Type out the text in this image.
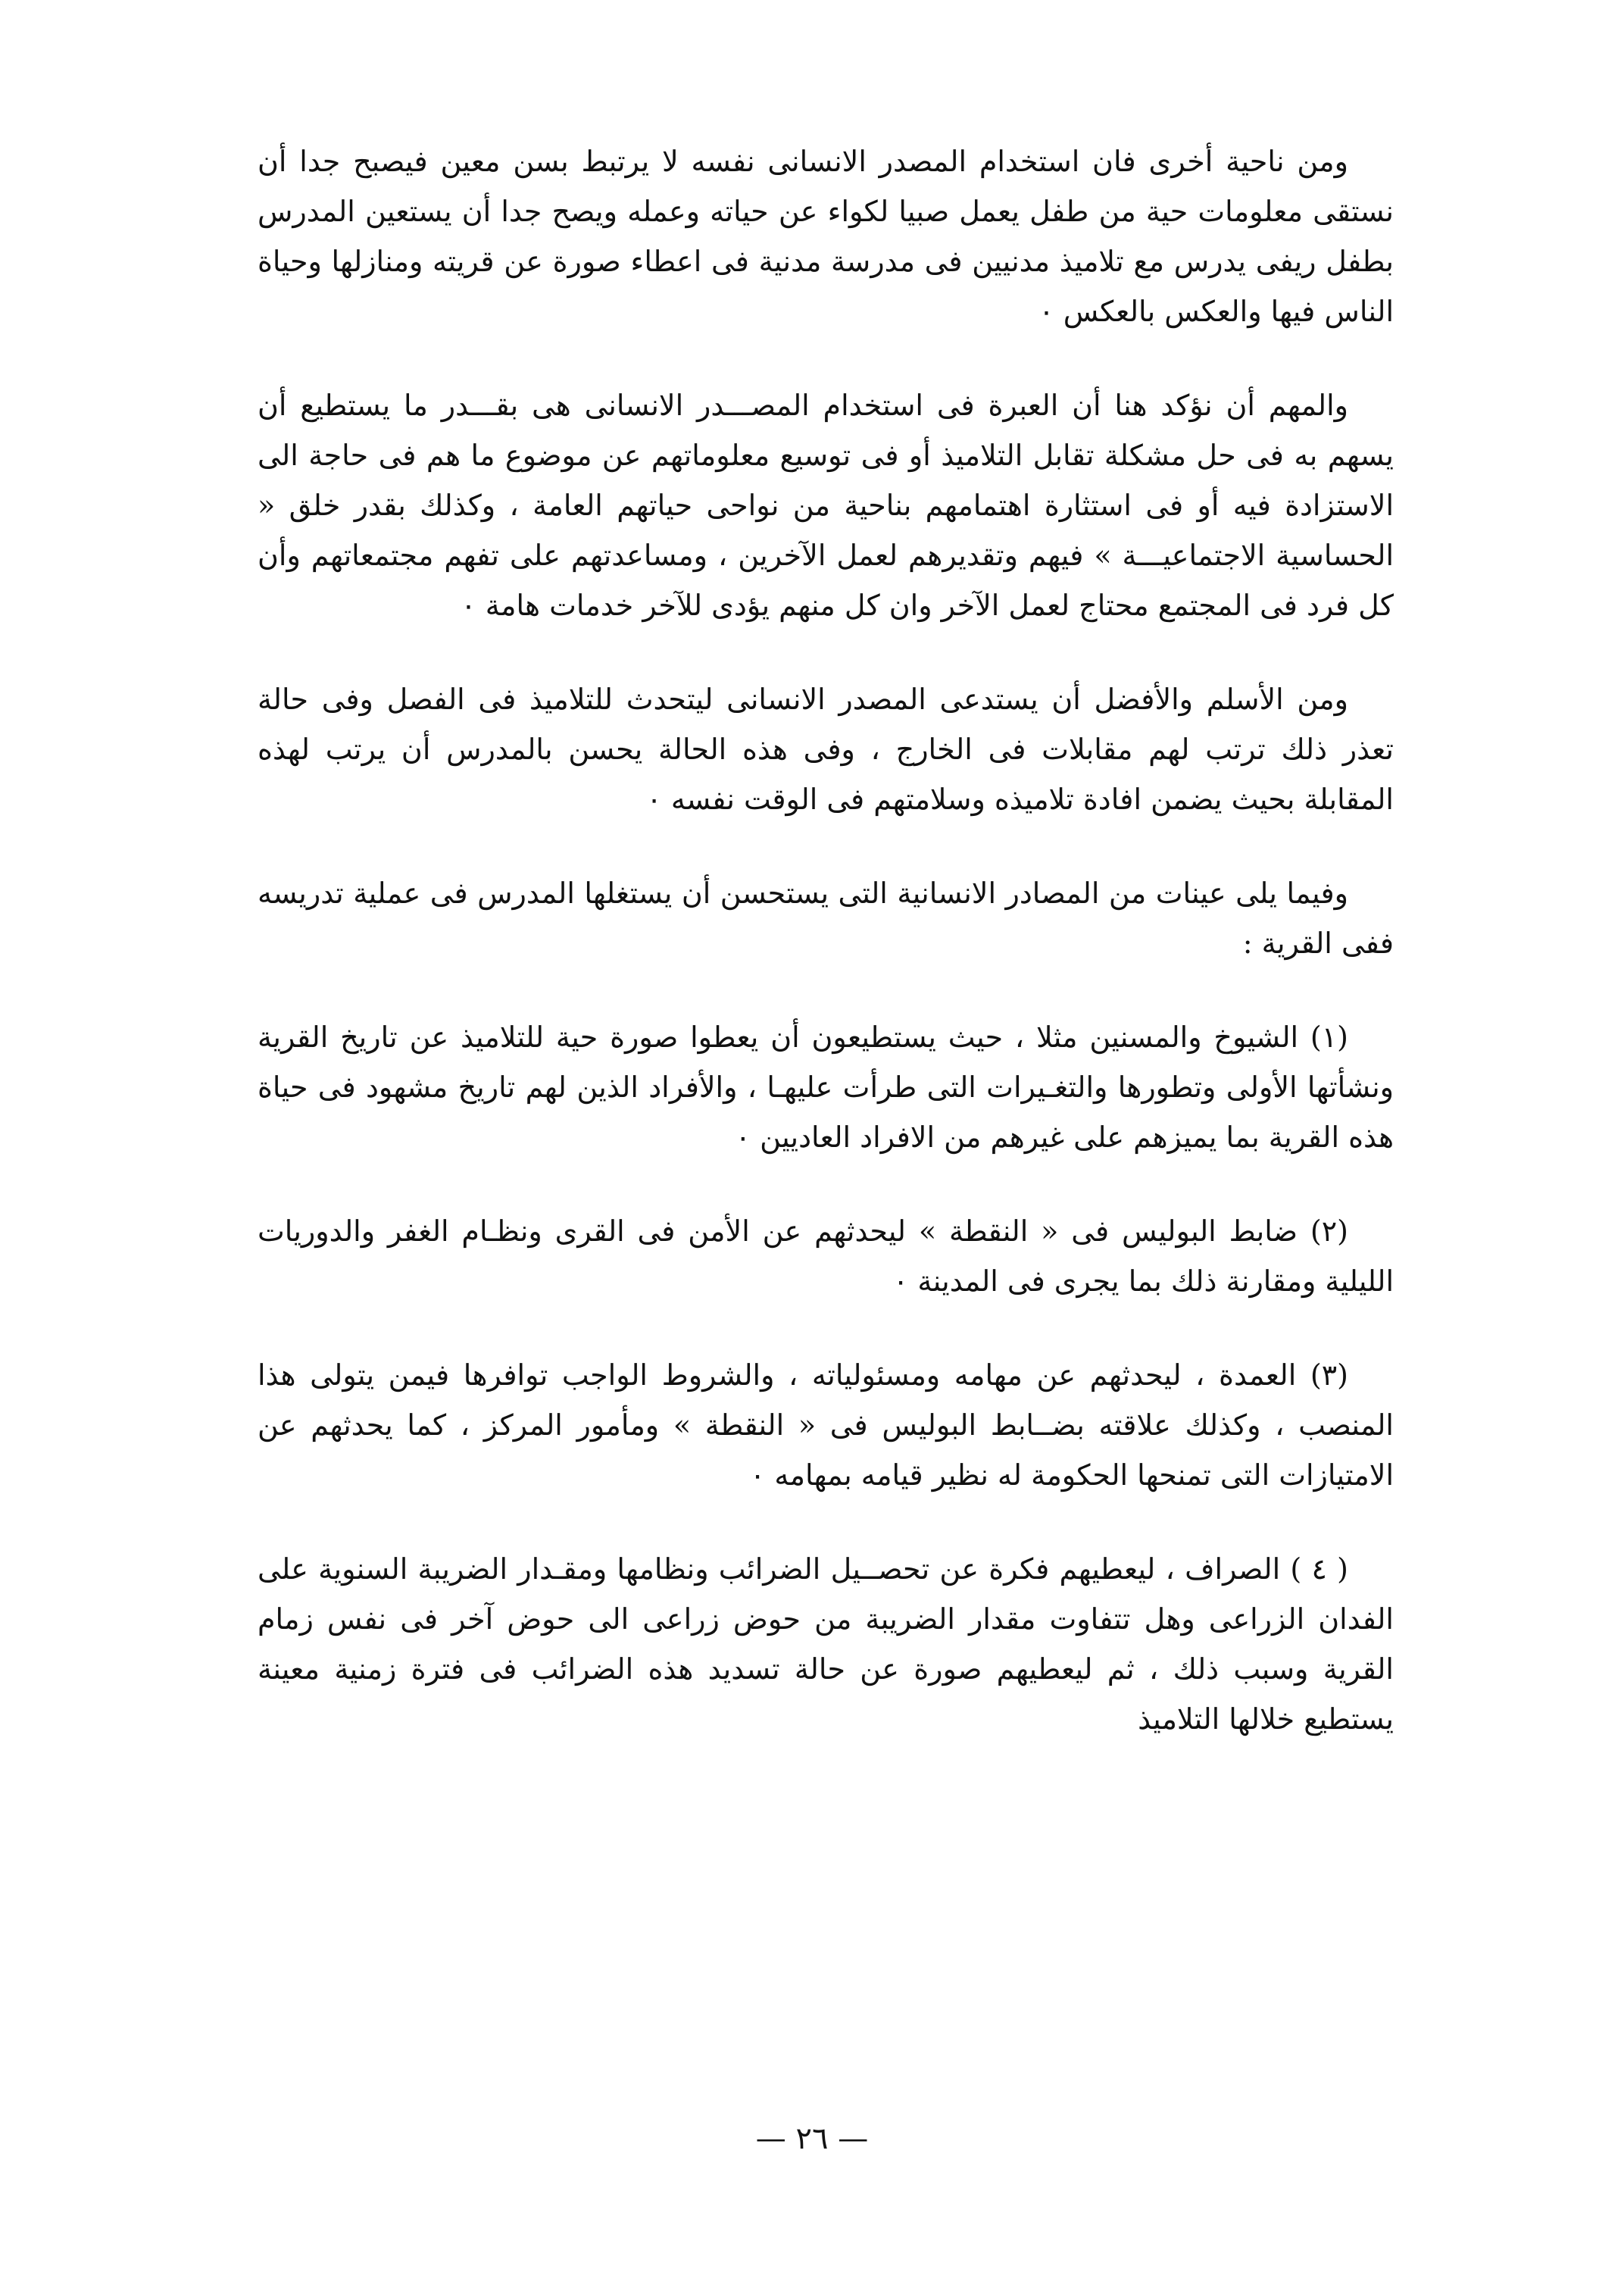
ومن ناحية أخرى فان استخدام المصدر الانسانى نفسه لا يرتبط بسن معين فيصبح جدا أن نستقى معلومات حية من طفل يعمل صبيا لكواء عن حياته وعمله ويصح جدا أن يستعين المدرس بطفل ريفى يدرس مع تلاميذ مدنيين فى مدرسة مدنية فى اعطاء صورة عن قريته ومنازلها وحياة الناس فيها والعكس بالعكس ٠

والمهم أن نؤكد هنا أن العبرة فى استخدام المصـــدر الانسانى هى بقـــدر ما يستطيع أن يسهم به فى حل مشكلة تقابل التلاميذ أو فى توسيع معلوماتهم عن موضوع ما هم فى حاجة الى الاستزادة فيه أو فى استثارة اهتمامهم بناحية من نواحى حياتهم العامة ، وكذلك بقدر خلق « الحساسية الاجتماعيـــة » فيهم وتقديرهم لعمل الآخرين ، ومساعدتهم على تفهم مجتمعاتهم وأن كل فرد فى المجتمع محتاج لعمل الآخر وان كل منهم يؤدى للآخر خدمات هامة ٠

ومن الأسلم والأفضل أن يستدعى المصدر الانسانى ليتحدث للتلاميذ فى الفصل وفى حالة تعذر ذلك ترتب لهم مقابلات فى الخارج ، وفى هذه الحالة يحسن بالمدرس أن يرتب لهذه المقابلة بحيث يضمن افادة تلاميذه وسلامتهم فى الوقت نفسه ٠

وفيما يلى عينات من المصادر الانسانية التى يستحسن أن يستغلها المدرس فى عملية تدريسه ففى القرية :

(١) الشيوخ والمسنين مثلا ، حيث يستطيعون أن يعطوا صورة حية للتلاميذ عن تاريخ القرية ونشأتها الأولى وتطورها والتغـيرات التى طرأت عليهـا ، والأفراد الذين لهم تاريخ مشهود فى حياة هذه القرية بما يميزهم على غيرهم من الافراد العاديين ٠

(٢) ضابط البوليس فى « النقطة » ليحدثهم عن الأمن فى القرى ونظـام الغفر والدوريات الليلية ومقارنة ذلك بما يجرى فى المدينة ٠

(٣) العمدة ، ليحدثهم عن مهامه ومسئولياته ، والشروط الواجب توافرها فيمن يتولى هذا المنصب ، وكذلك علاقته بضــابط البوليس فى « النقطة » ومأمور المركز ، كما يحدثهم عن الامتيازات التى تمنحها الحكومة له نظير قيامه بمهامه ٠

( ٤ ) الصراف ، ليعطيهم فكرة عن تحصــيل الضرائب ونظامها ومقـدار الضريبة السنوية على الفدان الزراعى وهل تتفاوت مقدار الضريبة من حوض زراعى الى حوض آخر فى نفس زمام القرية وسبب ذلك ، ثم ليعطيهم صورة عن حالة تسديد هذه الضرائب فى فترة زمنية معينة يستطيع خلالها التلاميذ

— ٢٦ —
